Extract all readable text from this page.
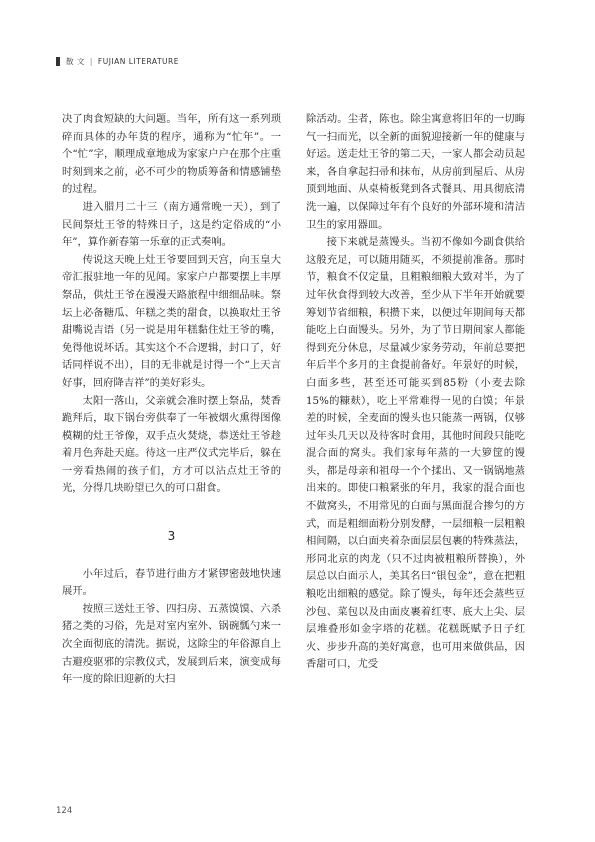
散 文 | FUJIAN LITERATURE

决了肉食短缺的大问题。当年，所有这一系列琐碎而具体的办年货的程序，通称为“忙年”。一个“忙”字，顺理成章地成为家家户户在那个庄重时刻到来之前，必不可少的物质筹备和情感铺垫的过程。

进入腊月二十三（南方通常晚一天），到了民间祭灶王爷的特殊日子，这是约定俗成的“小年”，算作新春第一乐章的正式奏响。

传说这天晚上灶王爷要回到天宫，向玉皇大帝汇报驻地一年的见闻。家家户户都要摆上丰厚祭品，供灶王爷在漫漫天路旅程中细细品味。祭坛上必备糖瓜、年糕之类的甜食，以换取灶王爷甜嘴说吉语（另一说是用年糕黏住灶王爷的嘴，免得他说坏话。其实这个不合逻辑，封口了，好话同样说不出），目的无非就是讨得一个“上天言好事，回府降吉祥”的美好彩头。

太阳一落山，父亲就会准时摆上祭品，焚香跪拜后，取下锅台旁供奉了一年被烟火熏得图像模糊的灶王爷像，双手点火焚烧，恭送灶王爷趁着月色奔赴天庭。待这一庄严仪式完毕后，躲在一旁看热闹的孩子们，方才可以沾点灶王爷的光，分得几块盼望已久的可口甜食。

3

小年过后，春节进行曲方才紧锣密鼓地快速展开。

按照三送灶王爷、四扫房、五蒸馍馍、六杀猪之类的习俗，先是对室内室外、锅碗瓢勺来一次全面彻底的清洗。据说，这除尘的年俗源自上古避疫驱邪的宗教仪式，发展到后来，演变成每年一度的除旧迎新的大扫

除活动。尘者，陈也。除尘寓意将旧年的一切晦气一扫而光，以全新的面貌迎接新一年的健康与好运。送走灶王爷的第二天，一家人都会动员起来，各自拿起扫帚和抹布，从房前到屋后、从房顶到地面、从桌椅板凳到各式餐具、用具彻底清洗一遍，以保障过年有个良好的外部环境和清洁卫生的家用器皿。

接下来就是蒸馒头。当初不像如今副食供给这般充足，可以随用随买，不须提前准备。那时节，粮食不仅定量，且粗粮细粮大致对半，为了过年伙食得到较大改善，至少从下半年开始就要筹划节省细粮，积攒下来，以便过年期间每天都能吃上白面馒头。另外，为了节日期间家人都能得到充分休息，尽量减少家务劳动，年前总要把年后半个多月的主食提前备好。年景好的时候，白面多些，甚至还可能买到85粉（小麦去除15%的糠麸），吃上平常难得一见的白馍；年景差的时候，全麦面的馒头也只能蒸一两锅，仅够过年头几天以及待客时食用，其他时间段只能吃混合面的窝头。我们家每年蒸的一大箩筐的馒头，都是母亲和祖母一个个揉出、又一锅锅地蒸出来的。即使口粮紧张的年月，我家的混合面也不做窝头，不用常见的白面与黑面混合掺匀的方式，而是粗细面粉分别发酵，一层细粮一层粗粮相间隔，以白面夹着杂面层层包裹的特殊蒸法，形同北京的肉龙（只不过肉被粗粮所替换），外层总以白面示人，美其名曰“银包金”，意在把粗粮吃出细粮的感觉。除了馒头，每年还会蒸些豆沙包、菜包以及由面皮裹着红枣、底大上尖、层层堆叠形如金字塔的花糕。花糕既赋予日子红火、步步升高的美好寓意，也可用来做供品，因香甜可口，尤受

124
